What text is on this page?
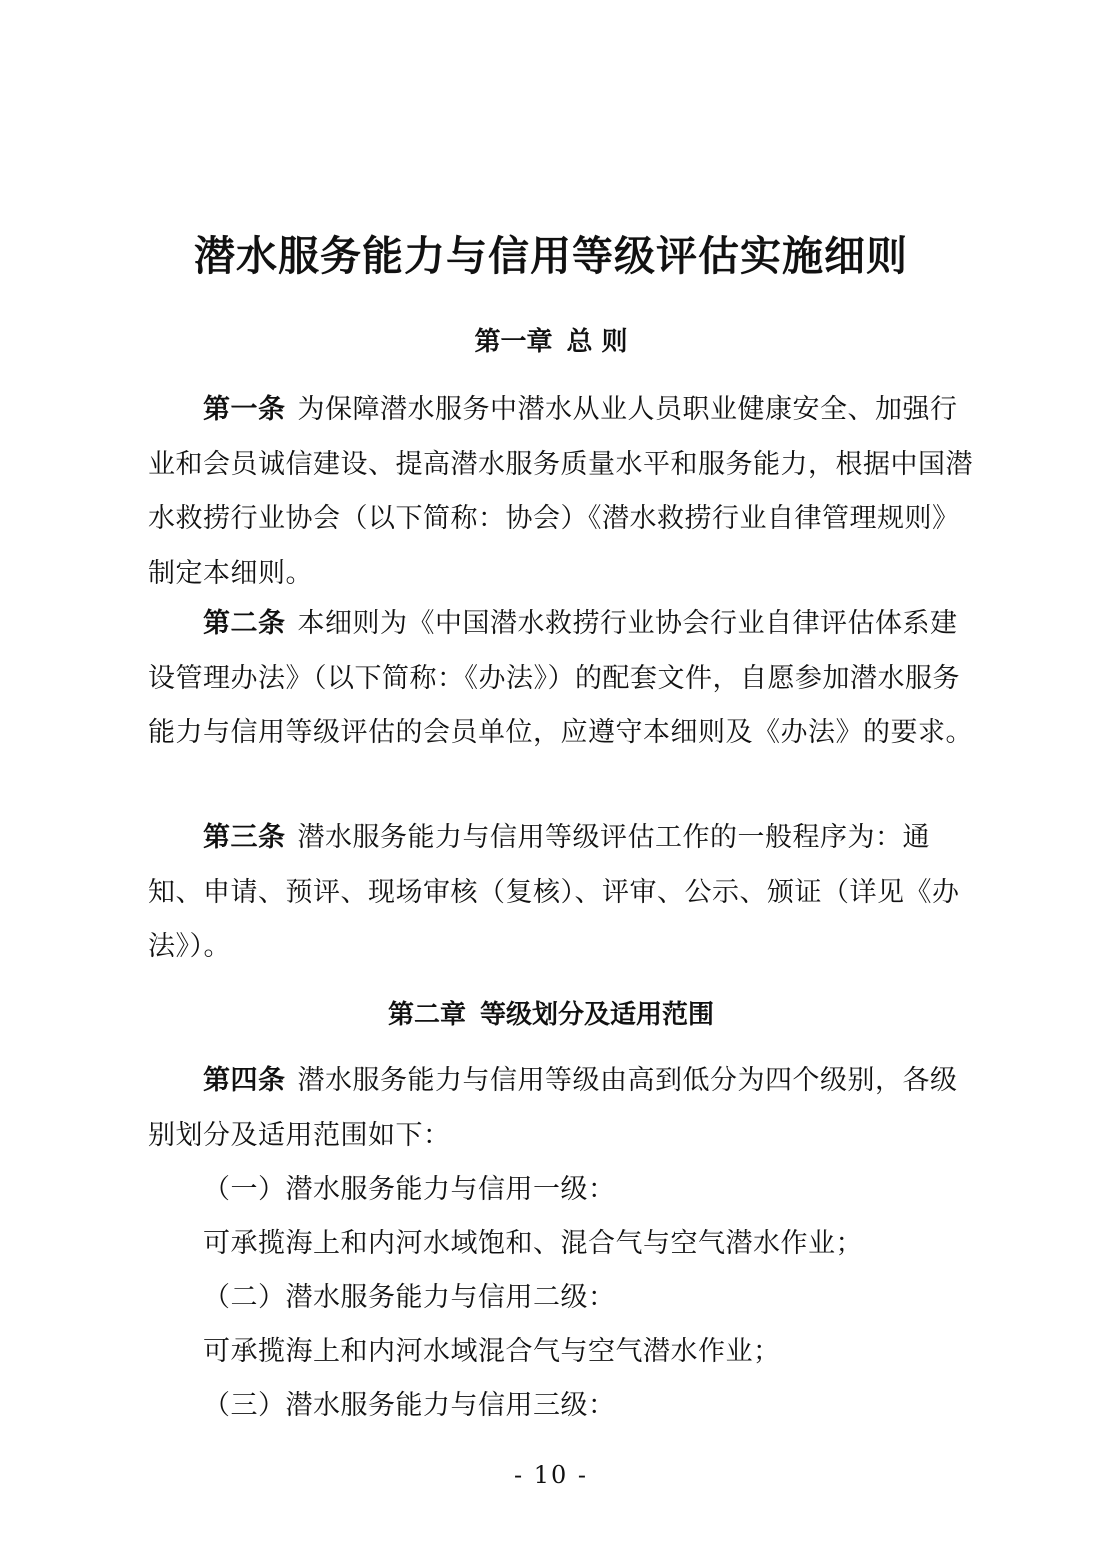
潜水服务能力与信用等级评估实施细则
第一章 总 则
第一条 为保障潜水服务中潜水从业人员职业健康安全、加强行业和会员诚信建设、提高潜水服务质量水平和服务能力，根据中国潜水救捞行业协会（以下简称：协会）《潜水救捞行业自律管理规则》制定本细则。
第二条 本细则为《中国潜水救捞行业协会行业自律评估体系建设管理办法》（以下简称：《办法》）的配套文件，自愿参加潜水服务能力与信用等级评估的会员单位，应遵守本细则及《办法》的要求。
第三条 潜水服务能力与信用等级评估工作的一般程序为：通知、申请、预评、现场审核（复核）、评审、公示、颁证（详见《办法》）。
第二章 等级划分及适用范围
第四条 潜水服务能力与信用等级由高到低分为四个级别，各级别划分及适用范围如下：
（一）潜水服务能力与信用一级：
可承揽海上和内河水域饱和、混合气与空气潜水作业；
（二）潜水服务能力与信用二级：
可承揽海上和内河水域混合气与空气潜水作业；
（三）潜水服务能力与信用三级：
- 10 -
